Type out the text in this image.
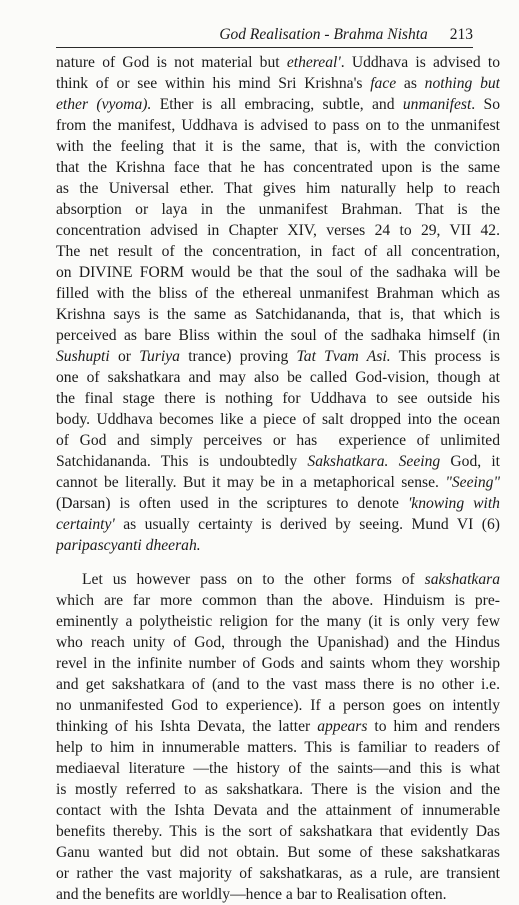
God Realisation - Brahma Nishta 213
nature of God is not material but ethereal'. Uddhava is advised to
think of or see within his mind Sri Krishna's face as nothing but
ether (vyoma). Ether is all embracing, subtle, and unmanifest. So
from the manifest, Uddhava is advised to pass on to the unmanifest
with the feeling that it is the same, that is, with the conviction
that the Krishna face that he has concentrated upon is the same
as the Universal ether. That gives him naturally help to reach
absorption or laya in the unmanifest Brahman. That is the
concentration advised in Chapter XIV, verses 24 to 29, VII 42.
The net result of the concentration, in fact of all concentration,
on DIVINE FORM would be that the soul of the sadhaka will be
filled with the bliss of the ethereal unmanifest Brahman which as
Krishna says is the same as Satchidananda, that is, that which is
perceived as bare Bliss within the soul of the sadhaka himself (in
Sushupti or Turiya trance) proving Tat Tvam Asi. This process is
one of sakshatkara and may also be called God-vision, though at
the final stage there is nothing for Uddhava to see outside his
body. Uddhava becomes like a piece of salt dropped into the ocean
of God and simply perceives or has  experience of unlimited
Satchidananda. This is undoubtedly Sakshatkara. Seeing God, it
cannot be literally. But it may be in a metaphorical sense. "Seeing"
(Darsan) is often used in the scriptures to denote 'knowing with
certainty' as usually certainty is derived by seeing. Mund VI (6)
paripascyanti dheerah.
Let us however pass on to the other forms of sakshatkara
which are far more common than the above. Hinduism is pre-
eminently a polytheistic religion for the many (it is only very few
who reach unity of God, through the Upanishad) and the Hindus
revel in the infinite number of Gods and saints whom they worship
and get sakshatkara of (and to the vast mass there is no other i.e.
no unmanifested God to experience). If a person goes on intently
thinking of his Ishta Devata, the latter appears to him and renders
help to him in innumerable matters. This is familiar to readers of
mediaeval literature —the history of the saints—and this is what
is mostly referred to as sakshatkara. There is the vision and the
contact with the Ishta Devata and the attainment of innumerable
benefits thereby. This is the sort of sakshatkara that evidently Das
Ganu wanted but did not obtain. But some of these sakshatkaras
or rather the vast majority of sakshatkaras, as a rule, are transient
and the benefits are worldly—hence a bar to Realisation often.
